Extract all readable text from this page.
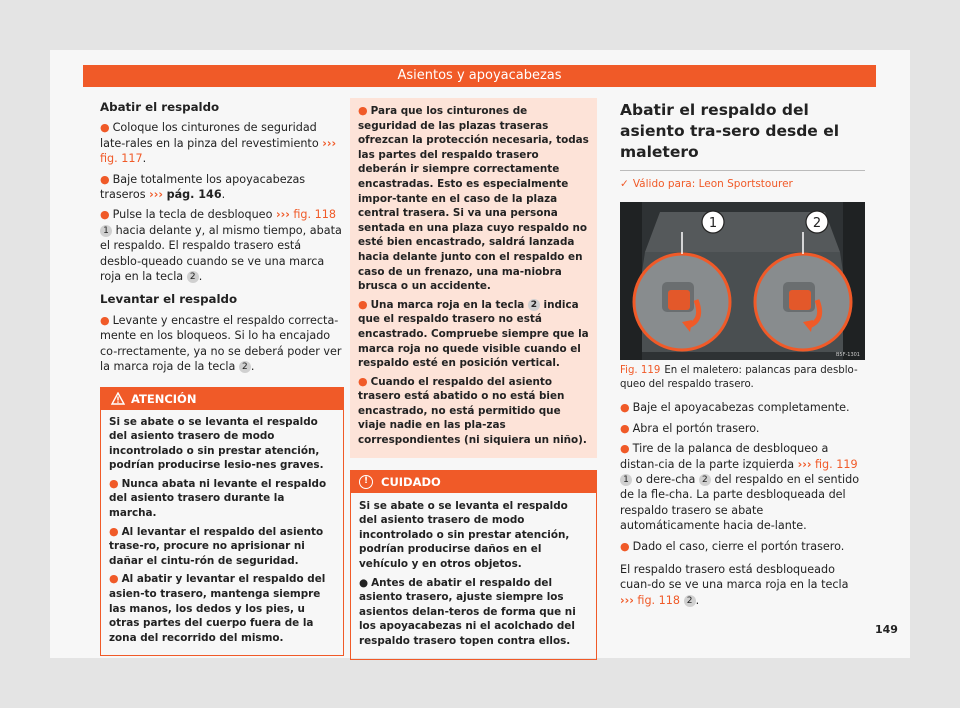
Asientos y apoyacabezas
Abatir el respaldo

● Coloque los cinturones de seguridad late-rales en la pinza del revestimiento ››› fig. 117.

● Baje totalmente los apoyacabezas traseros ››› pág. 146.

● Pulse la tecla de desbloqueo ››› fig. 118 1 hacia delante y, al mismo tiempo, abata el respaldo. El respaldo trasero está desblo-queado cuando se ve una marca roja en la tecla 2 .

Levantar el respaldo

● Levante y encastre el respaldo correcta-mente en los bloqueos. Si lo ha encajado co-rrectamente, ya no se deberá poder ver la marca roja de la tecla 2 .

ATENCIÓN

Si se abate o se levanta el respaldo del asiento trasero de modo incontrolado o sin prestar atención, podrían producirse lesio-nes graves.

● Nunca abata ni levante el respaldo del asiento trasero durante la marcha.

● Al levantar el respaldo del asiento trase-ro, procure no aprisionar ni dañar el cintu-rón de seguridad.

● Al abatir y levantar el respaldo del asien-to trasero, mantenga siempre las manos, los dedos y los pies, u otras partes del cuerpo fuera de la zona del recorrido del mismo.

● Para que los cinturones de seguridad de las plazas traseras ofrezcan la protección necesaria, todas las partes del respaldo trasero deberán ir siempre correctamente encastradas. Esto es especialmente impor-tante en el caso de la plaza central trasera. Si va una persona sentada en una plaza cuyo respaldo no esté bien encastrado, saldrá lanzada hacia delante junto con el respaldo en caso de un frenazo, una ma-niobra brusca o un accidente.

● Una marca roja en la tecla 2 indica que el respaldo trasero no está encastrado. Compruebe siempre que la marca roja no quede visible cuando el respaldo esté en posición vertical.

● Cuando el respaldo del asiento trasero está abatido o no está bien encastrado, no está permitido que viaje nadie en las pla-zas correspondientes (ni siquiera un niño).

!	CUIDADO

Si se abate o se levanta el respaldo del asiento trasero de modo incontrolado o sin prestar atención, podrían producirse daños en el vehículo y en otros objetos.

● Antes de abatir el respaldo del asiento trasero, ajuste siempre los asientos delan-teros de forma que ni los apoyacabezas ni el acolchado del respaldo trasero topen contra ellos.

Abatir el respaldo del asiento tra-sero desde el maletero
✓ Válido para: Leon Sportstourer
1	2
B5F-1301
Fig. 119 En el maletero: palancas para desblo-queo del respaldo trasero.

● Baje el apoyacabezas completamente.

● Abra el portón trasero.

● Tire de la palanca de desbloqueo a distan-cia de la parte izquierda ››› fig. 119 1 o dere-cha 2 del respaldo en el sentido de la fle-cha. La parte desbloqueada del respaldo trasero se abate automáticamente hacia de-lante.

● Dado el caso, cierre el portón trasero.

El respaldo trasero está desbloqueado cuan-do se ve una marca roja en la tecla ››› fig. 118 2 .

149
